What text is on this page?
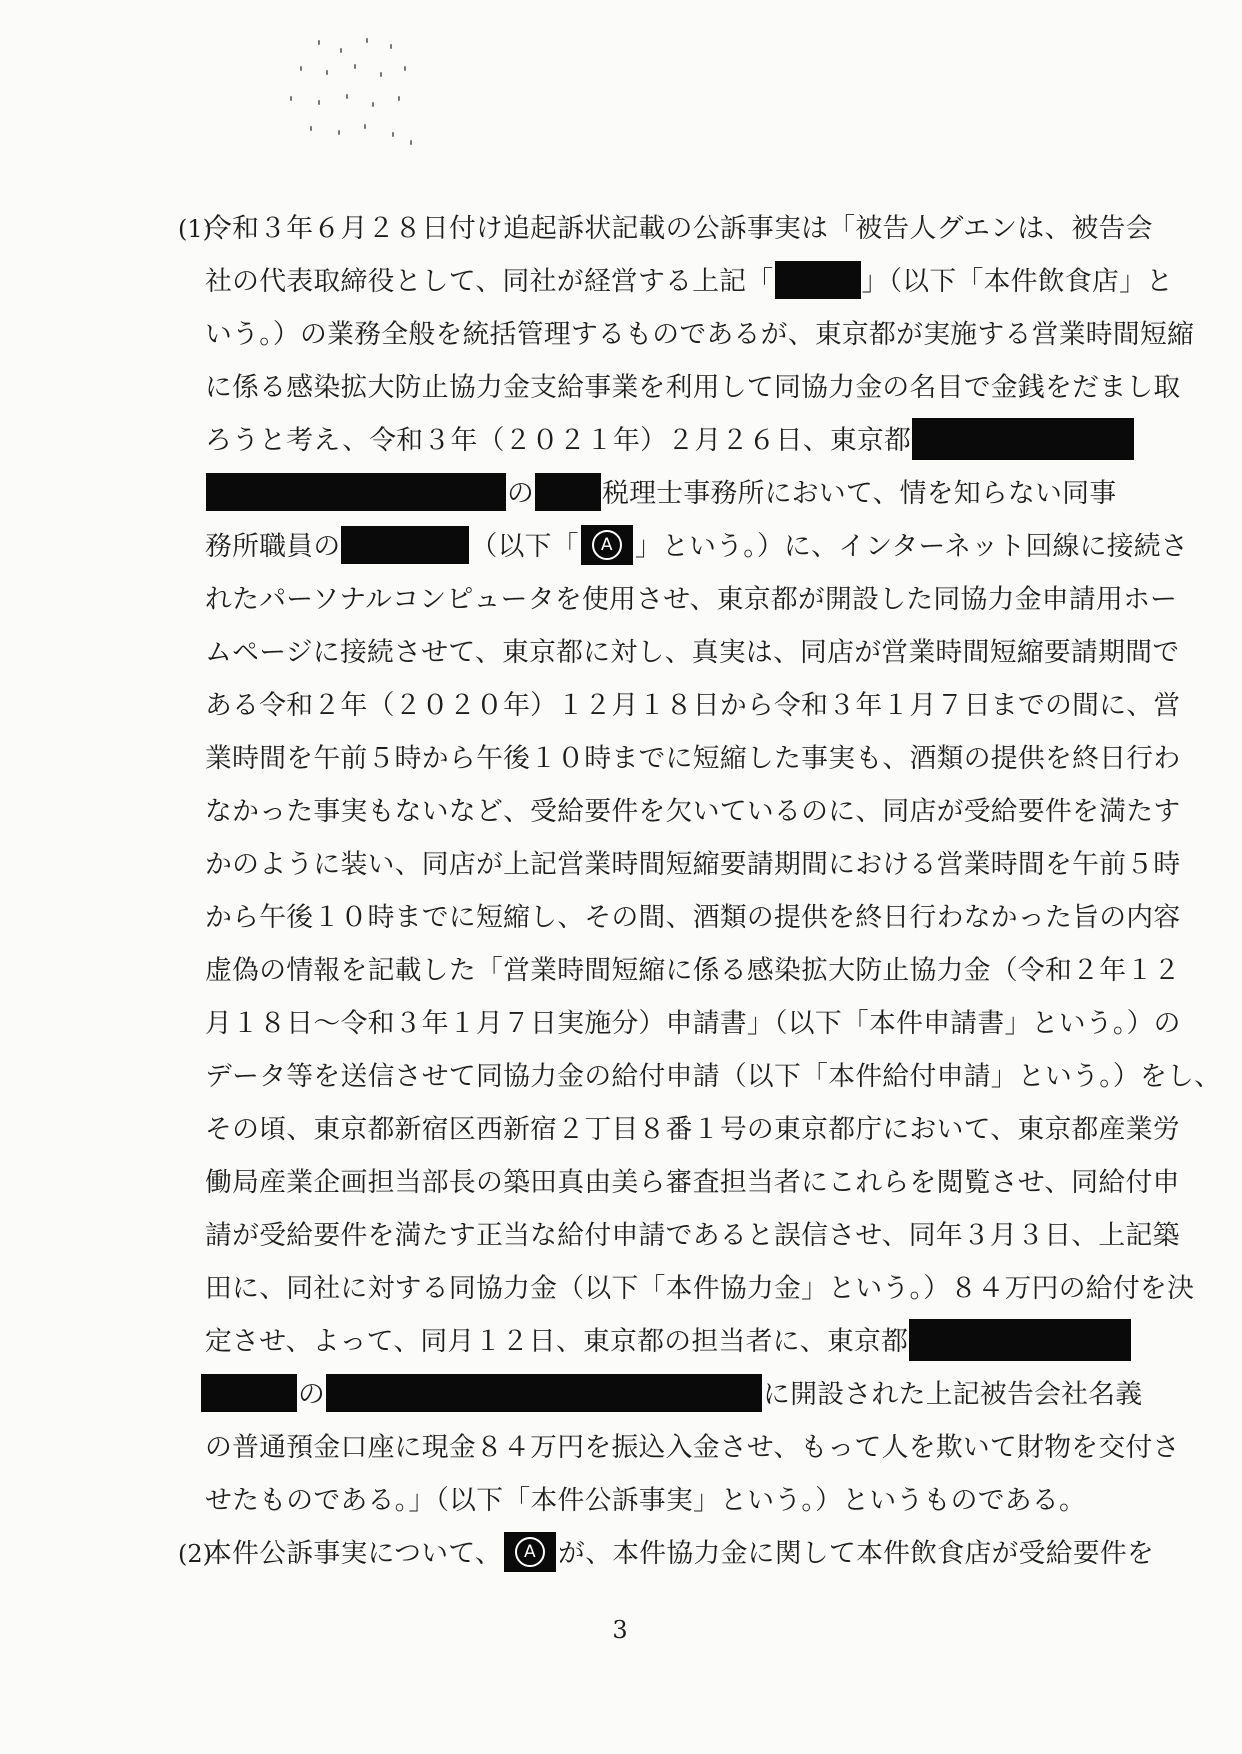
(1)
令和３年６月２８日付け追起訴状記載の公訴事実は「被告人グエンは、被告会
社の代表取締役として、同社が経営する上記「	」（以下「本件飲食店」と
いう。）の業務全般を統括管理するものであるが、東京都が実施する営業時間短縮
に係る感染拡大防止協力金支給事業を利用して同協力金の名目で金銭をだまし取
ろうと考え、令和３年（２０２１年）２月２６日、東京都
の	税理士事務所において、情を知らない同事
務所職員の	（以下「	A 」という。）に、インターネット回線に接続さ
れたパーソナルコンピュータを使用させ、東京都が開設した同協力金申請用ホー
ムページに接続させて、東京都に対し、真実は、同店が営業時間短縮要請期間で
ある令和２年（２０２０年）１２月１８日から令和３年１月７日までの間に、営
業時間を午前５時から午後１０時までに短縮した事実も、酒類の提供を終日行わ
なかった事実もないなど、受給要件を欠いているのに、同店が受給要件を満たす
かのように装い、同店が上記営業時間短縮要請期間における営業時間を午前５時
から午後１０時までに短縮し、その間、酒類の提供を終日行わなかった旨の内容
虚偽の情報を記載した「営業時間短縮に係る感染拡大防止協力金（令和２年１２
月１８日～令和３年１月７日実施分）申請書」（以下「本件申請書」という。）の
データ等を送信させて同協力金の給付申請（以下「本件給付申請」という。）をし、
その頃、東京都新宿区西新宿２丁目８番１号の東京都庁において、東京都産業労
働局産業企画担当部長の築田真由美ら審査担当者にこれらを閲覧させ、同給付申
請が受給要件を満たす正当な給付申請であると誤信させ、同年３月３日、上記築
田に、同社に対する同協力金（以下「本件協力金」という。）８４万円の給付を決
定させ、よって、同月１２日、東京都の担当者に、東京都
の	に開設された上記被告会社名義
の普通預金口座に現金８４万円を振込入金させ、もって人を欺いて財物を交付さ
せたものである。」（以下「本件公訴事実」という。）というものである。
(2)
本件公訴事実について、	A が、本件協力金に関して本件飲食店が受給要件を
3
